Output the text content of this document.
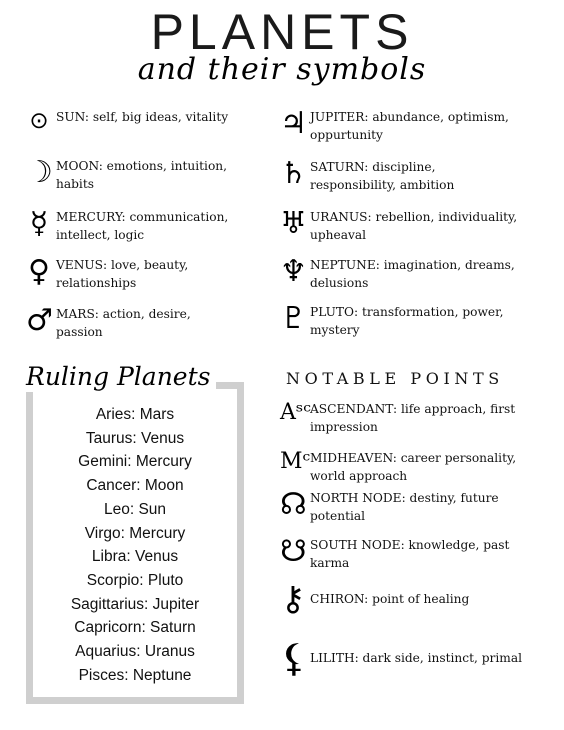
PLANETS
and their symbols
⊙ SUN: self, big ideas, vitality
☽ MOON: emotions, intuition, habits
☿ MERCURY: communication, intellect, logic
♀ VENUS: love, beauty, relationships
♂ MARS: action, desire, passion
♃ JUPITER: abundance, optimism, oppurtunity
♄ SATURN: discipline, responsibility, ambition
♅ URANUS: rebellion, individuality, upheaval
♆ NEPTUNE: imagination, dreams, delusions
♇ PLUTO: transformation, power, mystery
Ruling Planets
Aries: Mars
Taurus: Venus
Gemini: Mercury
Cancer: Moon
Leo: Sun
Virgo: Mercury
Libra: Venus
Scorpio: Pluto
Sagittarius: Jupiter
Capricorn: Saturn
Aquarius: Uranus
Pisces: Neptune
NOTABLE POINTS
Aˢᶜ ASCENDANT: life approach, first impression
Mᶜ MIDHEAVEN: career personality, world approach
☊ NORTH NODE: destiny, future potential
☋ SOUTH NODE: knowledge, past karma
⚷ CHIRON: point of healing
⚸ LILITH: dark side, instinct, primal
